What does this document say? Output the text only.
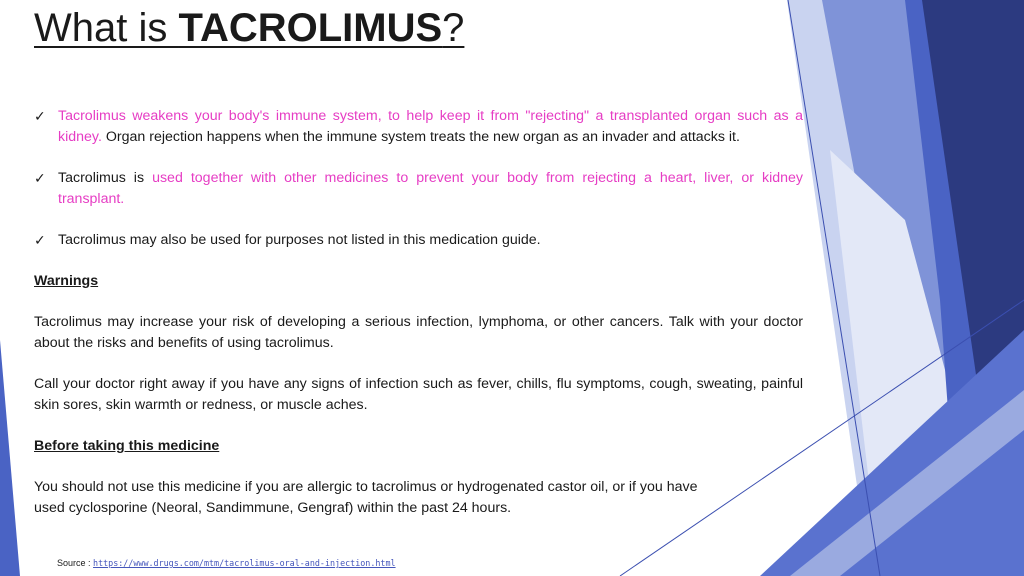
What is TACROLIMUS?
✓ Tacrolimus weakens your body's immune system, to help keep it from "rejecting" a transplanted organ such as a kidney. Organ rejection happens when the immune system treats the new organ as an invader and attacks it.
✓ Tacrolimus is used together with other medicines to prevent your body from rejecting a heart, liver, or kidney transplant.
✓ Tacrolimus may also be used for purposes not listed in this medication guide.
Warnings
Tacrolimus may increase your risk of developing a serious infection, lymphoma, or other cancers. Talk with your doctor about the risks and benefits of using tacrolimus.
Call your doctor right away if you have any signs of infection such as fever, chills, flu symptoms, cough, sweating, painful skin sores, skin warmth or redness, or muscle aches.
Before taking this medicine
You should not use this medicine if you are allergic to tacrolimus or hydrogenated castor oil, or if you have used cyclosporine (Neoral, Sandimmune, Gengraf) within the past 24 hours.
Source : https://www.drugs.com/mtm/tacrolimus-oral-and-injection.html
